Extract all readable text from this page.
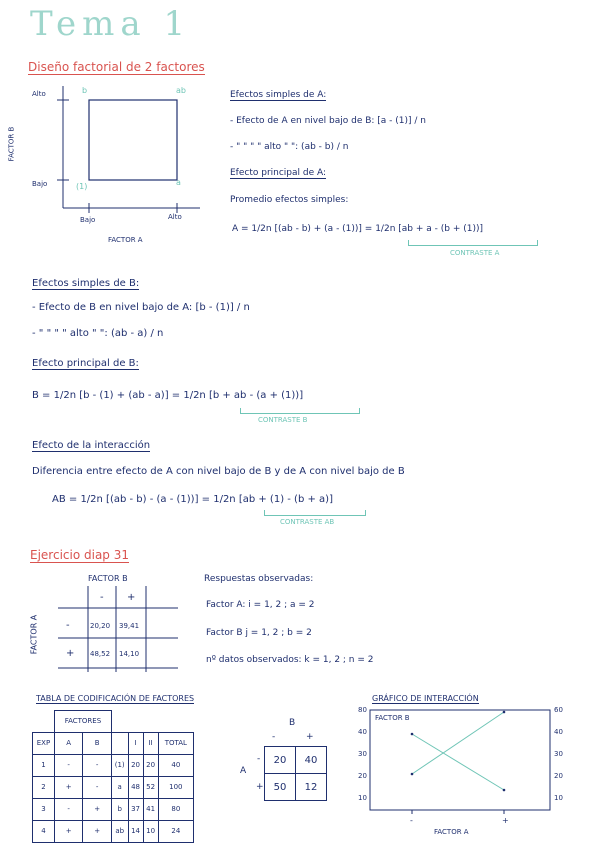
Tema 1
Diseño factorial de 2 factores
Alto
Bajo
Bajo	Alto
FACTOR A
FACTOR B
b	ab
(1)	a
Efectos simples de A:
- Efecto de A en nivel bajo de B: [a - (1)] / n
- " " " " alto " ": (ab - b) / n
Efecto principal de A:
Promedio efectos simples:
A = 1/2n [(ab - b) + (a - (1))] = 1/2n [ab + a - (b + (1))]
CONTRASTE A
Efectos simples de B:
- Efecto de B en nivel bajo de A: [b - (1)] / n
- " " " " alto " ": (ab - a) / n
Efecto principal de B:
B = 1/2n [b - (1) + (ab - a)] = 1/2n [b + ab - (a + (1))]
CONTRASTE B
Efecto de la interacción
Diferencia entre efecto de A con nivel bajo de B y de A con nivel bajo de B
AB = 1/2n [(ab - b) - (a - (1))] = 1/2n [ab + (1) - (b + a)]
CONTRASTE AB
Ejercicio diap 31
FACTOR B
FACTOR A
- +
-
+
20,20 39,41
48,52 14,10
Respuestas observadas:
Factor A: i = 1, 2 ; a = 2
Factor B j = 1, 2 ; b = 2
nº datos observados: k = 1, 2 ; n = 2
TABLA DE CODIFICACIÓN DE FACTORES
	FACTORES					
EXP	A	B		I	II	TOTAL
1	-	-	(1)	20	20	40
2	+	-	a	48	52	100
3	-	+	b	37	41	80
4	+	+	ab	14	10	24
B
-	+
A
-
+
20	40
50	12
GRÁFICO DE INTERACCIÓN
FACTOR B
80
40
30
20
10
60
40
30
20
10
-	+
FACTOR A
